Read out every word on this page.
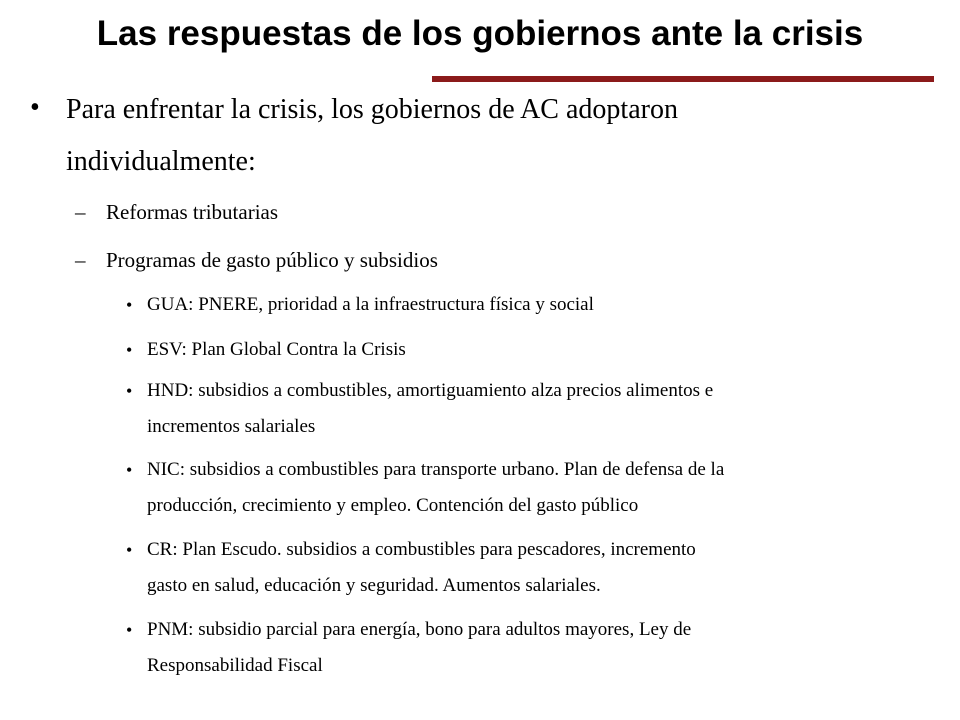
Las respuestas de los gobiernos ante la crisis
• Para enfrentar la crisis, los gobiernos de AC adoptaron
individualmente:
– Reformas tributarias
– Programas de gasto público y subsidios
• GUA: PNERE, prioridad a la infraestructura física y social
• ESV: Plan Global Contra la Crisis
• HND: subsidios a combustibles, amortiguamiento alza precios alimentos e
incrementos salariales
• NIC: subsidios a combustibles para transporte urbano. Plan de defensa de la
producción, crecimiento y empleo. Contención del gasto público
• CR: Plan Escudo. subsidios a combustibles para pescadores, incremento
gasto en salud, educación y seguridad. Aumentos salariales.
• PNM: subsidio parcial para energía, bono para adultos mayores, Ley de
Responsabilidad Fiscal
